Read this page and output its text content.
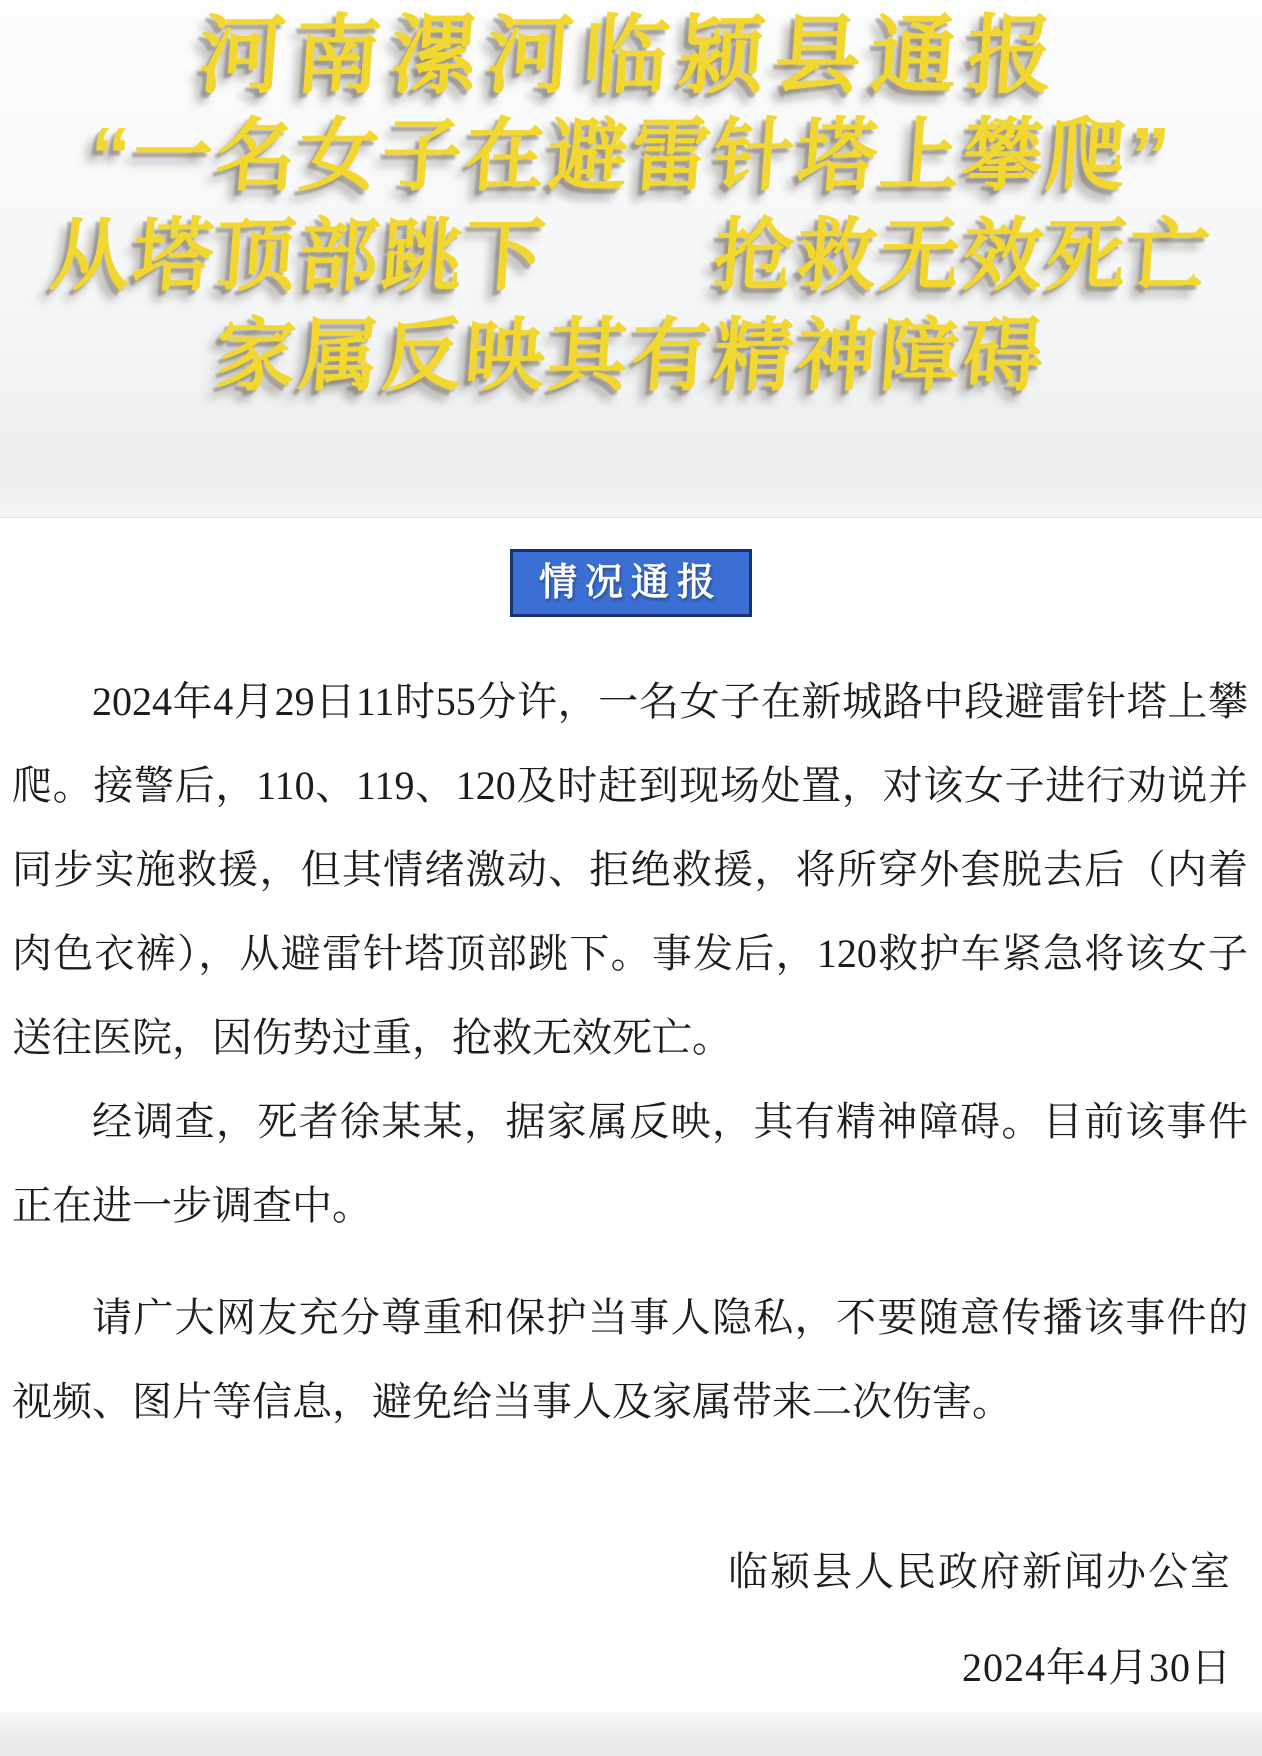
河南漯河临颍县通报
“一名女子在避雷针塔上攀爬”
从塔顶部跳下　　抢救无效死亡
家属反映其有精神障碍
情况通报

2024年4月29日11时55分许，一名女子在新城路中段避雷针塔上攀爬。接警后，110、119、120及时赶到现场处置，对该女子进行劝说并同步实施救援，但其情绪激动、拒绝救援，将所穿外套脱去后（内着肉色衣裤），从避雷针塔顶部跳下。事发后，120救护车紧急将该女子送往医院，因伤势过重，抢救无效死亡。

经调查，死者徐某某，据家属反映，其有精神障碍。目前该事件正在进一步调查中。

请广大网友充分尊重和保护当事人隐私，不要随意传播该事件的视频、图片等信息，避免给当事人及家属带来二次伤害。

临颍县人民政府新闻办公室
2024年4月30日
